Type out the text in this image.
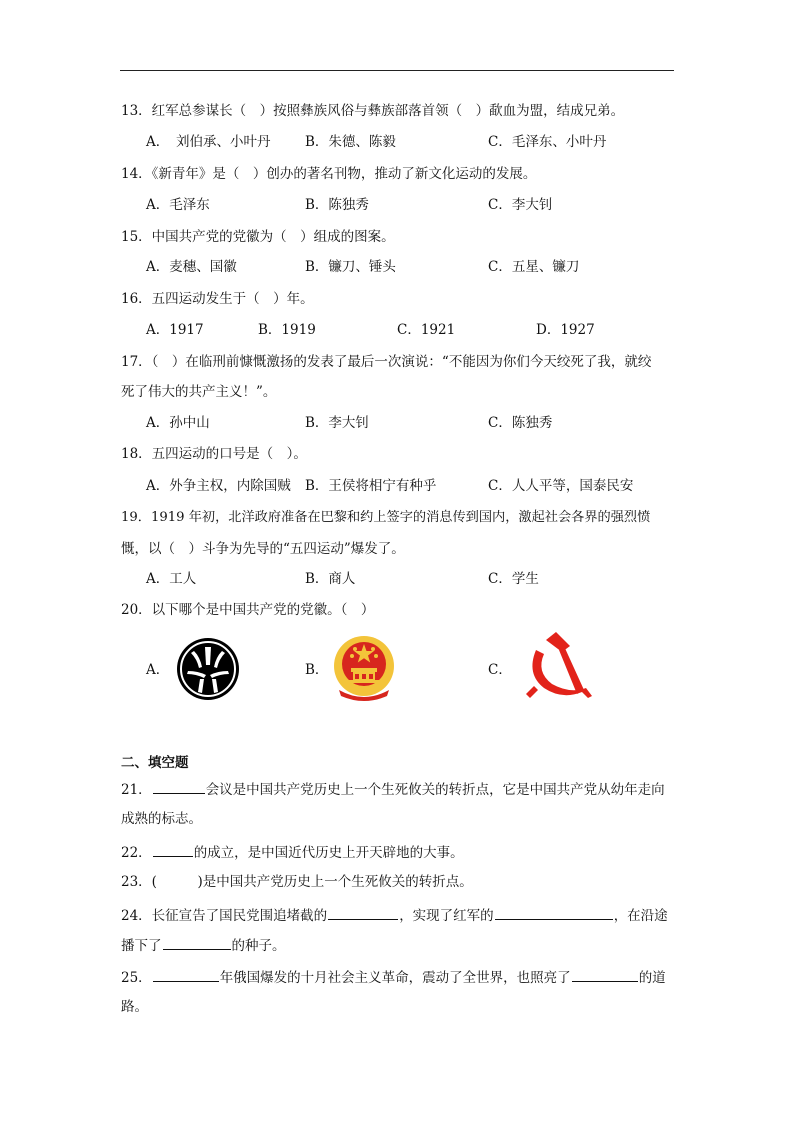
13．红军总参谋长（　）按照彝族风俗与彝族部落首领（　）歃血为盟，结成兄弟。
A．　刘伯承、小叶丹	B．朱德、陈毅	C．毛泽东、小叶丹
14．《新青年》是（　）创办的著名刊物，推动了新文化运动的发展。
A．毛泽东	B．陈独秀	C．李大钊
15．中国共产党的党徽为（　）组成的图案。
A．麦穗、国徽	B．镰刀、锤头	C．五星、镰刀
16．五四运动发生于（　）年。
A．1917	B．1919	C．1921	D．1927
17．（　）在临刑前慷慨激扬的发表了最后一次演说：“不能因为你们今天绞死了我，就绞
死了伟大的共产主义！”。
A．孙中山	B．李大钊	C．陈独秀
18．五四运动的口号是（　）。
A．外争主权，内除国贼 B．王侯将相宁有种乎	C．人人平等，国泰民安
19．1919 年初，北洋政府准备在巴黎和约上签字的消息传到国内，激起社会各界的强烈愤
慨，以（　）斗争为先导的“五四运动”爆发了。
A．工人	B．商人	C．学生
20．以下哪个是中国共产党的党徽。（　）
A．	B．	C．
二、填空题
21．	会议是中国共产党历史上一个生死攸关的转折点，它是中国共产党从幼年走向
成熟的标志。
22．	的成立，是中国近代历史上开天辟地的大事。
23．(　　　)是中国共产党历史上一个生死攸关的转折点。
24．长征宣告了国民党围追堵截的	，实现了红军的	，在沿途
播下了	的种子。
25．	年俄国爆发的十月社会主义革命，震动了全世界，也照亮了	的道
路。
